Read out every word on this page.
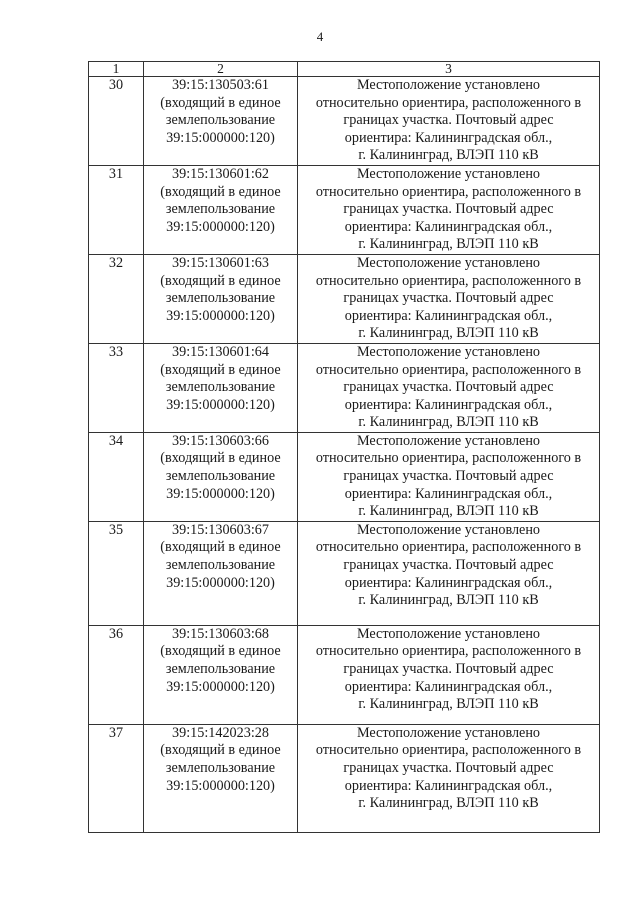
4
1	2	3
30	39:15:130503:61
(входящий в единое
землепользование
39:15:000000:120)	Местоположение установлено
относительно ориентира, расположенного в
границах участка. Почтовый адрес
ориентира: Калининградская обл.,
г. Калининград, ВЛЭП 110 кВ

31	39:15:130601:62
(входящий в единое
землепользование
39:15:000000:120)	Местоположение установлено
относительно ориентира, расположенного в
границах участка. Почтовый адрес
ориентира: Калининградская обл.,
г. Калининград, ВЛЭП 110 кВ

32	39:15:130601:63
(входящий в единое
землепользование
39:15:000000:120)	Местоположение установлено
относительно ориентира, расположенного в
границах участка. Почтовый адрес
ориентира: Калининградская обл.,
г. Калининград, ВЛЭП 110 кВ

33	39:15:130601:64
(входящий в единое
землепользование
39:15:000000:120)	Местоположение установлено
относительно ориентира, расположенного в
границах участка. Почтовый адрес
ориентира: Калининградская обл.,
г. Калининград, ВЛЭП 110 кВ

34	39:15:130603:66
(входящий в единое
землепользование
39:15:000000:120)	Местоположение установлено
относительно ориентира, расположенного в
границах участка. Почтовый адрес
ориентира: Калининградская обл.,
г. Калининград, ВЛЭП 110 кВ

35	39:15:130603:67
(входящий в единое
землепользование
39:15:000000:120)	Местоположение установлено
относительно ориентира, расположенного в
границах участка. Почтовый адрес
ориентира: Калининградская обл.,
г. Калининград, ВЛЭП 110 кВ

36	39:15:130603:68
(входящий в единое
землепользование
39:15:000000:120)	Местоположение установлено
относительно ориентира, расположенного в
границах участка. Почтовый адрес
ориентира: Калининградская обл.,
г. Калининград, ВЛЭП 110 кВ

37	39:15:142023:28
(входящий в единое
землепользование
39:15:000000:120)	Местоположение установлено
относительно ориентира, расположенного в
границах участка. Почтовый адрес
ориентира: Калининградская обл.,
г. Калининград, ВЛЭП 110 кВ
